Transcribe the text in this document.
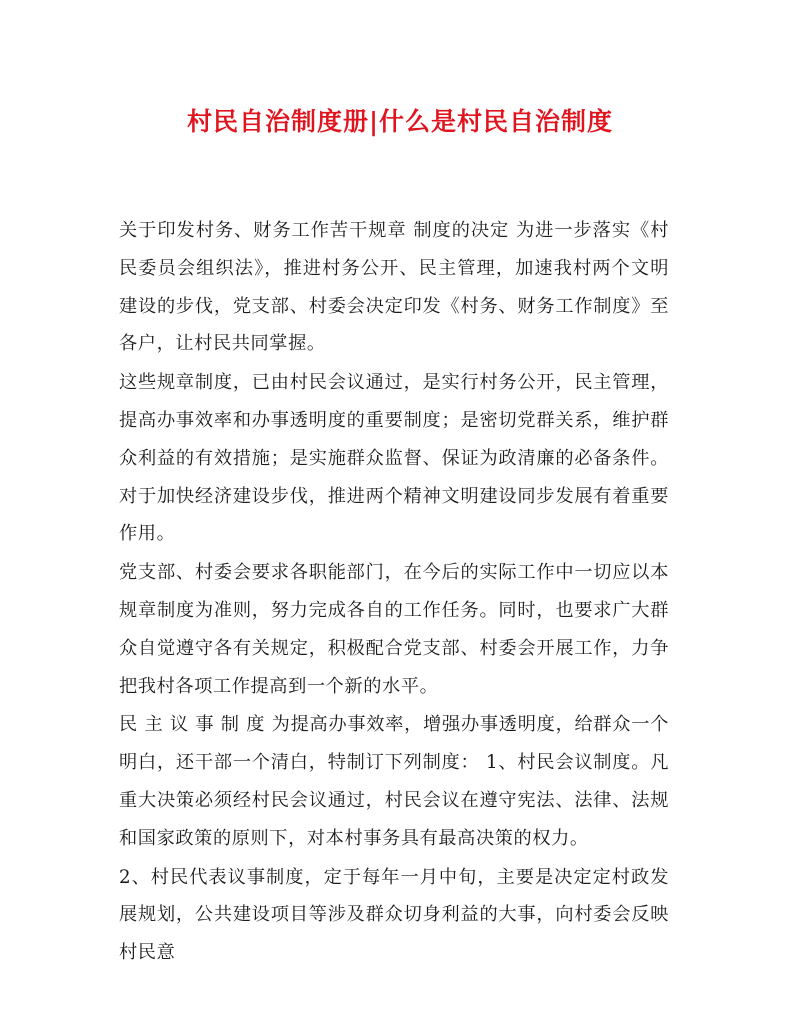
村民自治制度册|什么是村民自治制度

关于印发村务、财务工作苦干规章 制度的决定 为进一步落实《村民委员会组织法》，推进村务公开、民主管理，加速我村两个文明建设的步伐，党支部、村委会决定印发《村务、财务工作制度》至各户，让村民共同掌握。

这些规章制度，已由村民会议通过，是实行村务公开，民主管理，提高办事效率和办事透明度的重要制度；是密切党群关系，维护群众利益的有效措施；是实施群众监督、保证为政清廉的必备条件。对于加快经济建设步伐，推进两个精神文明建设同步发展有着重要作用。

党支部、村委会要求各职能部门，在今后的实际工作中一切应以本规章制度为准则，努力完成各自的工作任务。同时，也要求广大群众自觉遵守各有关规定，积极配合党支部、村委会开展工作，力争把我村各项工作提高到一个新的水平。

民 主 议 事 制 度 为提高办事效率，增强办事透明度，给群众一个明白，还干部一个清白，特制订下列制度： 1、村民会议制度。凡重大决策必须经村民会议通过，村民会议在遵守宪法、法律、法规和国家政策的原则下，对本村事务具有最高决策的权力。

2、村民代表议事制度，定于每年一月中旬，主要是决定定村政发展规划，公共建设项目等涉及群众切身利益的大事，向村委会反映村民意
